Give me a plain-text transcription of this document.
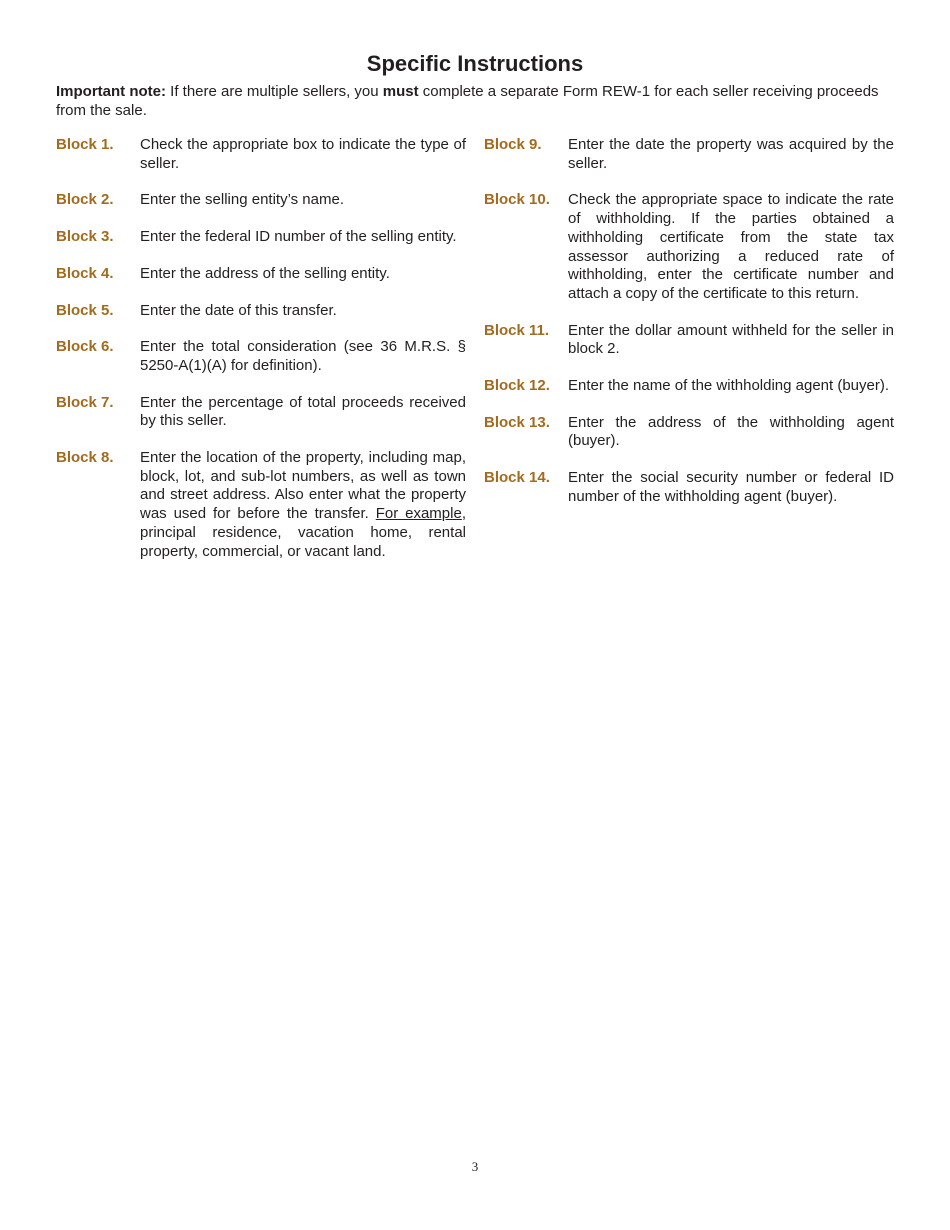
Specific Instructions
Important note: If there are multiple sellers, you must complete a separate Form REW-1 for each seller receiving proceeds from the sale.
Block 1.	Check the appropriate box to indicate the type of seller.
Block 2.	Enter the selling entity’s name.
Block 3.	Enter the federal ID number of the selling entity.
Block 4.	Enter the address of the selling entity.
Block 5.	Enter the date of this transfer.
Block 6.	Enter the total consideration (see 36 M.R.S. § 5250-A(1)(A) for definition).
Block 7.	Enter the percentage of total proceeds received by this seller.
Block 8.	Enter the location of the property, including map, block, lot, and sub-lot numbers, as well as town and street address. Also enter what the property was used for before the transfer. For example, principal residence, vacation home, rental property, commercial, or vacant land.
Block 9.	Enter the date the property was acquired by the seller.
Block 10.	Check the appropriate space to indicate the rate of withholding. If the parties obtained a withholding certificate from the state tax assessor authorizing a reduced rate of withholding, enter the certificate number and attach a copy of the certificate to this return.
Block 11.	Enter the dollar amount withheld for the seller in block 2.
Block 12.	Enter the name of the withholding agent (buyer).
Block 13.	Enter the address of the withholding agent (buyer).
Block 14.	Enter the social security number or federal ID number of the withholding agent (buyer).
3
